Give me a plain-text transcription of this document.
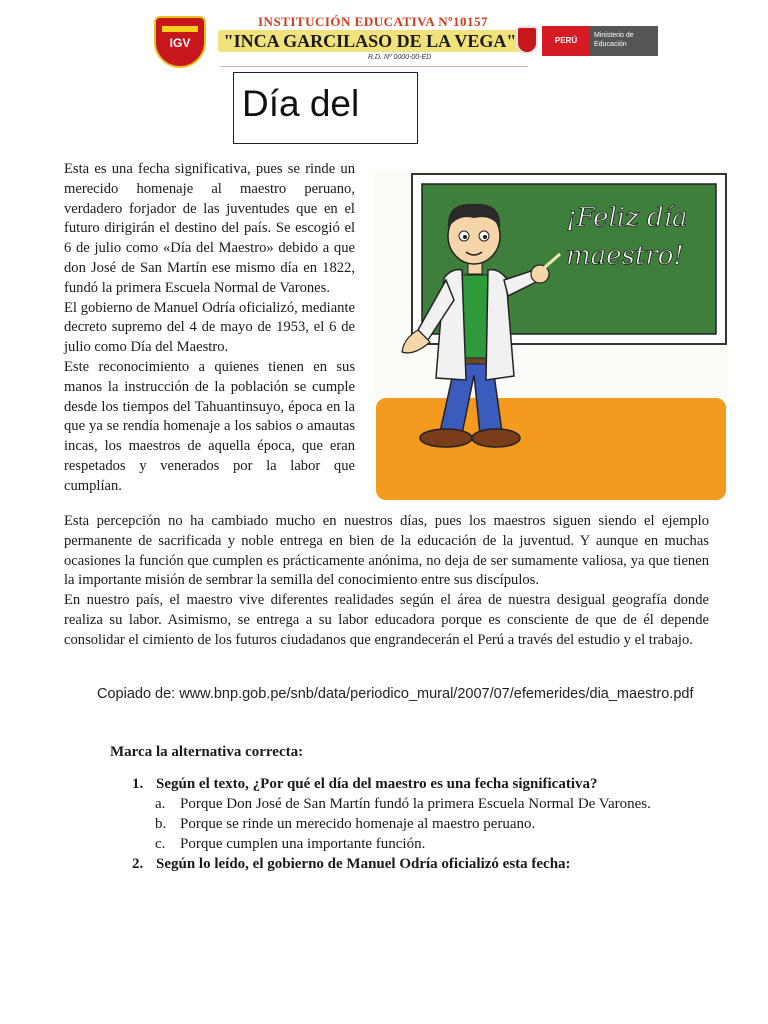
IGV
INSTITUCIÓN EDUCATIVA Nº10157
"INCA GARCILASO DE LA VEGA"
R.D. Nº 0000-00-ED
PERÚ
Ministerio de Educación
Día del

Esta es una fecha significativa, pues se rinde un merecido homenaje al maestro peruano, verdadero forjador de las juventudes que en el futuro dirigirán el destino del país. Se escogió el 6 de julio como «Día del Maestro» debido a que don José de San Martín ese mismo día en 1822, fundó la primera Escuela Normal de Varones.

El gobierno de Manuel Odría oficializó, mediante decreto supremo del 4 de mayo de 1953, el 6 de julio como Día del Maestro.

Este reconocimiento a quienes tienen en sus manos la instrucción de la población se cumple desde los tiempos del Tahuantinsuyo, época en la que ya se rendía homenaje a los sabios o amautas incas, los maestros de aquella época, que eran respetados y venerados por la labor que cumplían.

¡Feliz día
maestro!

Esta percepción no ha cambiado mucho en nuestros días, pues los maestros siguen siendo el ejemplo permanente de sacrificada y noble entrega en bien de la educación de la juventud. Y aunque en muchas ocasiones la función que cumplen es prácticamente anónima, no deja de ser sumamente valiosa, ya que tienen la importante misión de sembrar la semilla del conocimiento entre sus discípulos.

En nuestro país, el maestro vive diferentes realidades según el área de nuestra desigual geografía donde realiza su labor. Asimismo, se entrega a su labor educadora porque es consciente de que de él depende consolidar el cimiento de los futuros ciudadanos que engrandecerán el Perú a través del estudio y el trabajo.

Copiado de: www.bnp.gob.pe/snb/data/periodico_mural/2007/07/efemerides/dia_maestro.pdf
Marca la alternativa correcta:
1. Según el texto, ¿Por qué el día del maestro es una fecha significativa?
a. Porque Don José de San Martín fundó la primera Escuela Normal De Varones.
b. Porque se rinde un merecido homenaje al maestro peruano.
c. Porque cumplen una importante función.
2. Según lo leído, el gobierno de Manuel Odría oficializó esta fecha:
